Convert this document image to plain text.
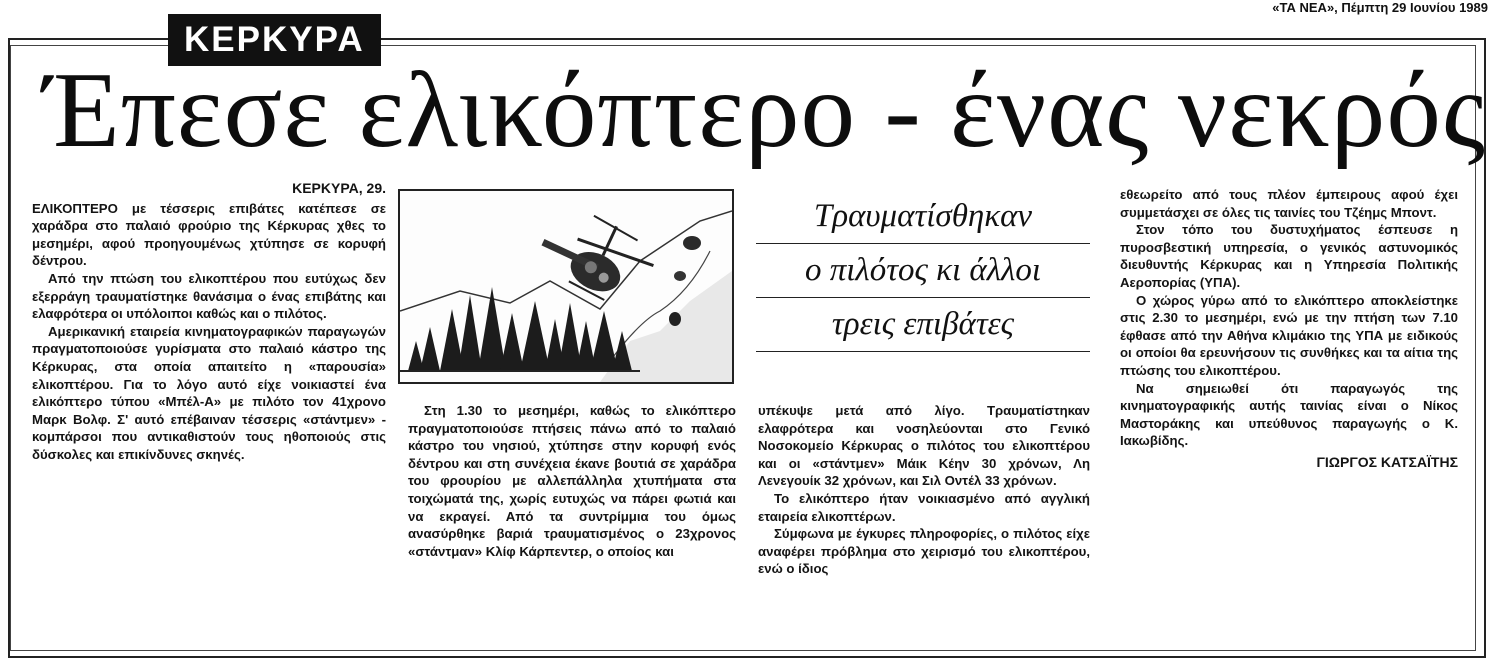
«ΤΑ ΝΕΑ», Πέμπτη 29 Ιουνίου 1989
ΚΕΡΚΥΡΑ
Έπεσε ελικόπτερο - ένας νεκρός
ΚΕΡΚΥΡΑ, 29.

ΕΛΙΚΟΠΤΕΡΟ με τέσσερις επιβάτες κατέπεσε σε χαράδρα στο παλαιό φρούριο της Κέρκυρας χθες το μεσημέρι, αφού προηγουμένως χτύπησε σε κορυφή δέντρου.

Από την πτώση του ελικοπτέρου που ευτύχως δεν εξερράγη τραυματίστηκε θανάσιμα ο ένας επιβάτης και ελαφρότερα οι υπόλοιποι καθώς και ο πιλότος.

Αμερικανική εταιρεία κινηματογραφικών παραγωγών πραγματοποιούσε γυρίσματα στο παλαιό κάστρο της Κέρκυρας, στα οποία απαιτείτο η «παρουσία» ελικοπτέρου. Για το λόγο αυτό είχε νοικιαστεί ένα ελικόπτερο τύπου «Μπέλ-Α» με πιλότο τον 41χρονο Μαρκ Βολφ. Σ' αυτό επέβαιναν τέσσερις «στάντμεν» - κομπάρσοι που αντικαθιστούν τους ηθοποιούς στις δύσκολες και επικίνδυνες σκηνές.

Τραυματίσθηκαν
ο πιλότος κι άλλοι
τρεις επιβάτες

Στη 1.30 το μεσημέρι, καθώς το ελικόπτερο πραγματοποιούσε πτήσεις πάνω από το παλαιό κάστρο του νησιού, χτύπησε στην κορυφή ενός δέντρου και στη συνέχεια έκανε βουτιά σε χαράδρα του φρουρίου με αλλεπάλληλα χτυπήματα στα τοιχώματά της, χωρίς ευτυχώς να πάρει φωτιά και να εκραγεί. Από τα συντρίμμια του όμως ανασύρθηκε βαριά τραυματισμένος ο 23χρονος «στάντμαν» Κλίφ Κάρπεντερ, ο οποίος και

υπέκυψε μετά από λίγο. Τραυματίστηκαν ελαφρότερα και νοσηλεύονται στο Γενικό Νοσοκομείο Κέρκυρας ο πιλότος του ελικοπτέρου και οι «στάντμεν» Μάικ Κέην 30 χρόνων, Λη Λενεγουίκ 32 χρόνων, και Σιλ Οντέλ 33 χρόνων.

Το ελικόπτερο ήταν νοικιασμένο από αγγλική εταιρεία ελικοπτέρων.

Σύμφωνα με έγκυρες πληροφορίες, ο πιλότος είχε αναφέρει πρόβλημα στο χειρισμό του ελικοπτέρου, ενώ ο ίδιος

εθεωρείτο από τους πλέον έμπειρους αφού έχει συμμετάσχει σε όλες τις ταινίες του Τζέημς Μποντ.

Στον τόπο του δυστυχήματος έσπευσε η πυροσβεστική υπηρεσία, ο γενικός αστυνομικός διευθυντής Κέρκυρας και η Υπηρεσία Πολιτικής Αεροπορίας (ΥΠΑ).

Ο χώρος γύρω από το ελικόπτερο αποκλείστηκε στις 2.30 το μεσημέρι, ενώ με την πτήση των 7.10 έφθασε από την Αθήνα κλιμάκιο της ΥΠΑ με ειδικούς οι οποίοι θα ερευνήσουν τις συνθήκες και τα αίτια της πτώσης του ελικοπτέρου.

Να σημειωθεί ότι παραγωγός της κινηματογραφικής αυτής ταινίας είναι ο Νίκος Μαστοράκης και υπεύθυνος παραγωγής ο Κ. Ιακωβίδης.

ΓΙΩΡΓΟΣ ΚΑΤΣΑΪΤΗΣ
